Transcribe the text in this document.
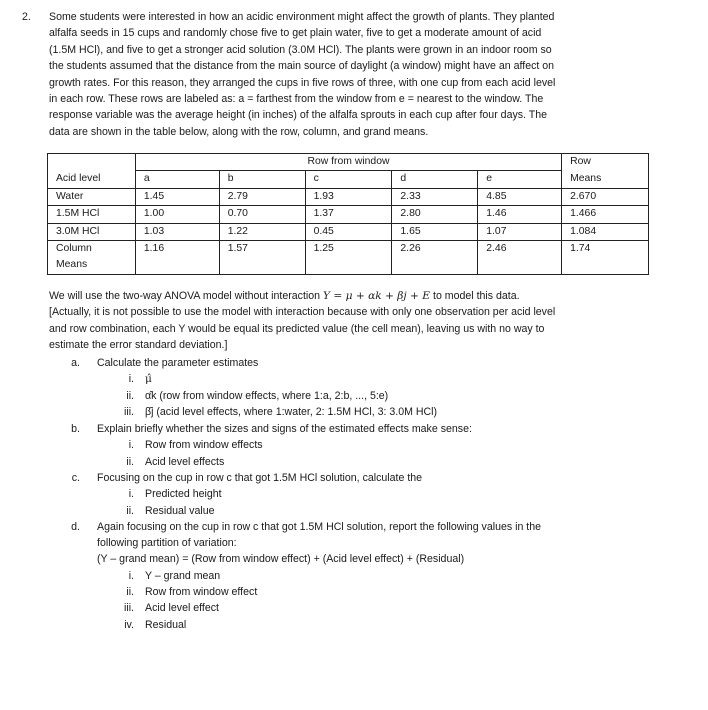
2. Some students were interested in how an acidic environment might affect the growth of plants. They planted
alfalfa seeds in 15 cups and randomly chose five to get plain water, five to get a moderate amount of acid
(1.5M HCl), and five to get a stronger acid solution (3.0M HCl). The plants were grown in an indoor room so
the students assumed that the distance from the main source of daylight (a window) might have an affect on
growth rates. For this reason, they arranged the cups in five rows of three, with one cup from each acid level
in each row. These rows are labeled as: a = farthest from the window from e = nearest to the window. The
response variable was the average height (in inches) of the alfalfa sprouts in each cup after four days. The
data are shown in the table below, along with the row, column, and grand means.
	Row from window					Row
Acid level	a	b	c	d	e	Means
Water	1.45	2.79	1.93	2.33	4.85	2.670
1.5M HCl	1.00	0.70	1.37	2.80	1.46	1.466
3.0M HCl	1.03	1.22	0.45	1.65	1.07	1.084

Column
Means	1.16	1.57	1.25	2.26	2.46	1.74
We will use the two-way ANOVA model without interaction Y = μ + αk + βj + E to model this data.
[Actually, it is not possible to use the model with interaction because with only one observation per acid level
and row combination, each Y would be equal its predicted value (the cell mean), leaving us with no way to
estimate the error standard deviation.]
a. Calculate the parameter estimates
i. μ̂
ii. α̂k (row from window effects, where 1:a, 2:b, ..., 5:e)
iii. β̂j (acid level effects, where 1:water, 2: 1.5M HCl, 3: 3.0M HCl)
b. Explain briefly whether the sizes and signs of the estimated effects make sense:
i. Row from window effects
ii. Acid level effects
c. Focusing on the cup in row c that got 1.5M HCl solution, calculate the
i. Predicted height
ii. Residual value
d. Again focusing on the cup in row c that got 1.5M HCl solution, report the following values in the
following partition of variation:
(Y – grand mean) = (Row from window effect) + (Acid level effect) + (Residual)
i. Y – grand mean
ii. Row from window effect
iii. Acid level effect
iv. Residual
